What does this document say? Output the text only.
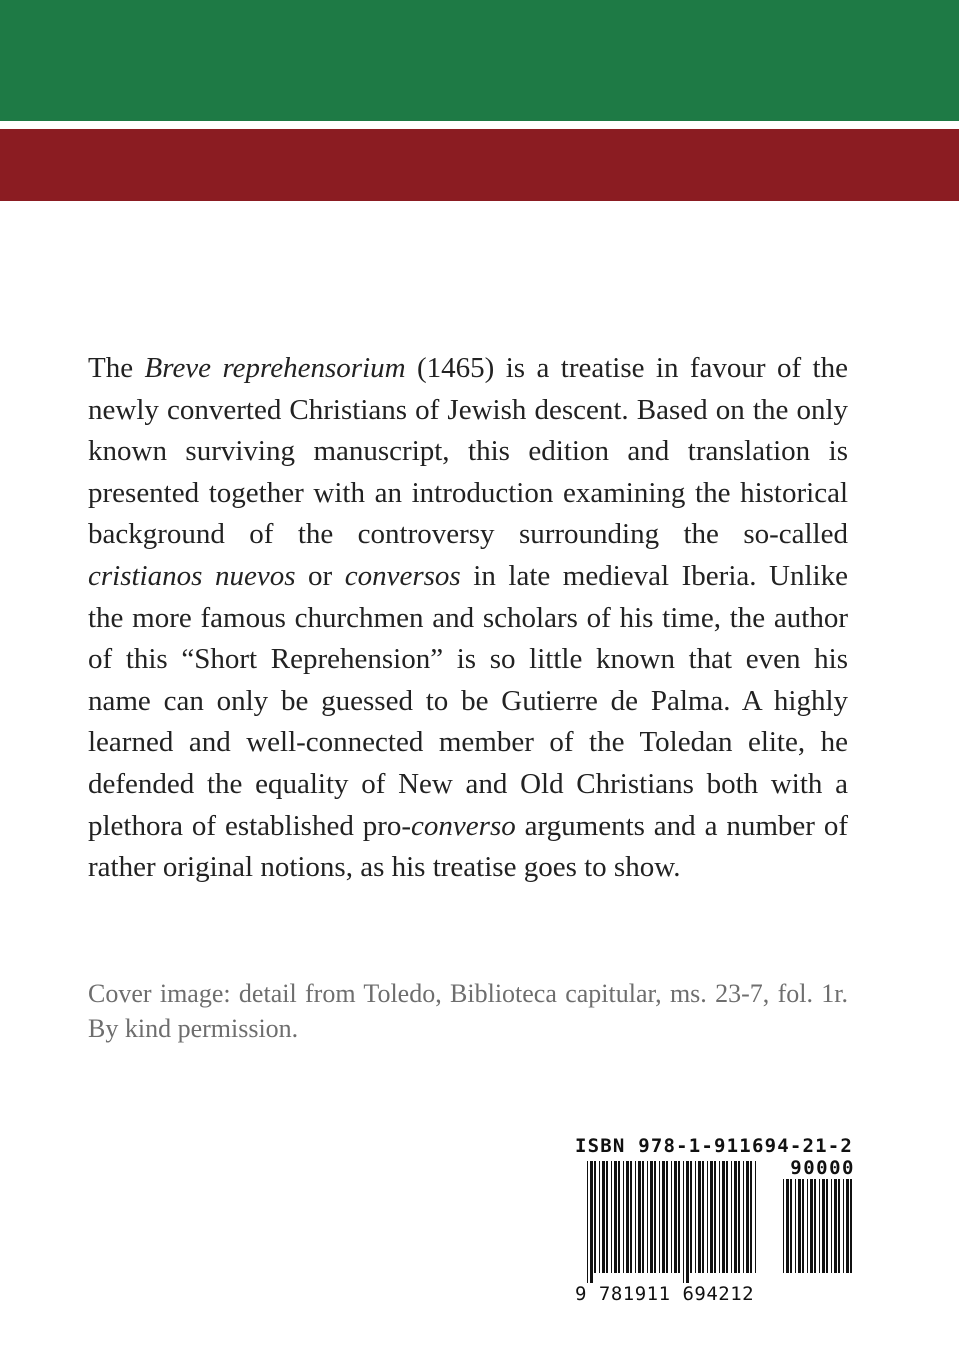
The Breve reprehensorium (1465) is a treatise in favour of the newly converted Christians of Jewish descent. Based on the only known surviving manuscript, this edition and translation is presented together with an introduction examining the historical background of the controversy surrounding the so-called cristianos nuevos or conversos in late medieval Iberia. Unlike the more famous churchmen and scholars of his time, the author of this “Short Reprehension” is so little known that even his name can only be guessed to be Gutierre de Palma. A highly learned and well-connected member of the Toledan elite, he defended the equality of New and Old Christians both with a plethora of established pro-converso arguments and a number of rather original notions, as his treatise goes to show.

Cover image: detail from Toledo, Biblioteca capitular, ms. 23-7, fol. 1r. By kind permission.

ISBN 978-1-911694-21-2
90000
9 781911 694212
